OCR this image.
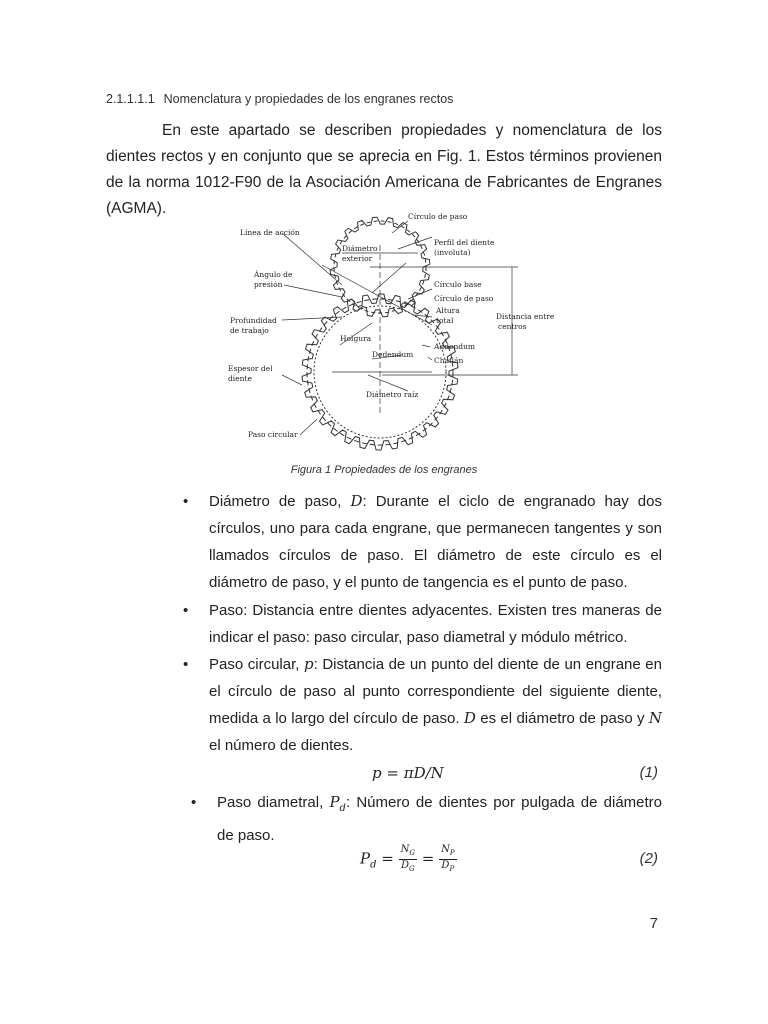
2.1.1.1.1 Nomenclatura y propiedades de los engranes rectos
En este apartado se describen propiedades y nomenclatura de los dientes rectos y en conjunto que se aprecia en Fig. 1. Estos términos provienen de la norma 1012-F90 de la Asociación Americana de Fabricantes de Engranes (AGMA).	Círculo de paso
Línea de acción
Perfil del diente
(involuta)
Diámetro
exterior
Ángulo de
presión	Círculo base
Círculo de paso
Altura
total	Distancia entre
centros
Profundidad
de trabajo
Holgura
Addendum
Dedendum
Chaflán
Espesor del
diente
Diámetro raíz
Paso circular
Figura 1 Propiedades de los engranes
• Diámetro de paso, D: Durante el ciclo de engranado hay dos círculos, uno para cada engrane, que permanecen tangentes y son llamados círculos de paso. El diámetro de este círculo es el diámetro de paso, y el punto de tangencia es el punto de paso.
• Paso: Distancia entre dientes adyacentes. Existen tres maneras de indicar el paso: paso circular, paso diametral y módulo métrico.
• Paso circular, p: Distancia de un punto del diente de un engrane en el círculo de paso al punto correspondiente del siguiente diente, medida a lo largo del círculo de paso. D es el diámetro de paso y N el número de dientes.
p = πD/N	(1)
• Paso diametral, $P_d$: Número de dientes por pulgada de diámetro de paso.
$P_d = \frac{N_G}{D_G} = \frac{N_P}{D_P}$	(2)
7
